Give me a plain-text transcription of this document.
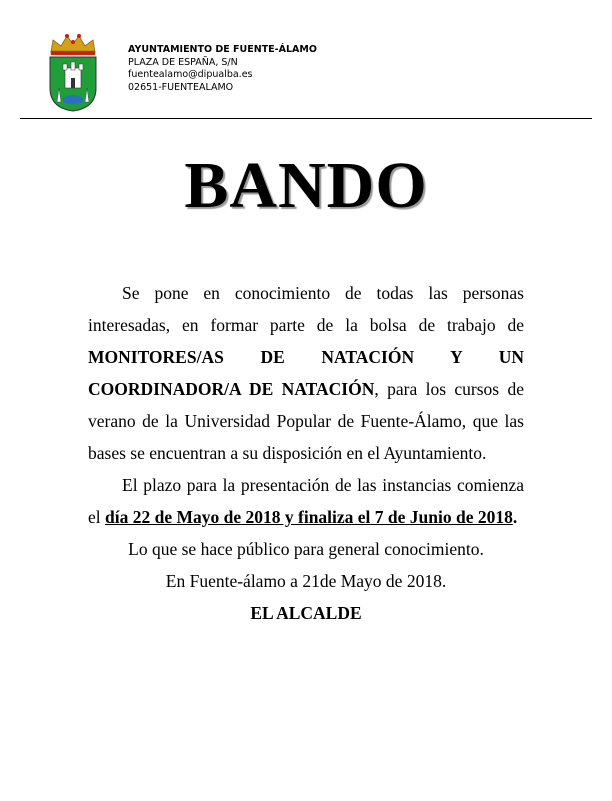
AYUNTAMIENTO DE FUENTE-ÁLAMO
PLAZA DE ESPAÑA, S/N
fuentealamo@dipualba.es
02651-FUENTEALAMO
BANDO

Se pone en conocimiento de todas las personas interesadas, en formar parte de la bolsa de trabajo de MONITORES/AS DE NATACIÓN Y UN COORDINADOR/A DE NATACIÓN, para los cursos de verano de la Universidad Popular de Fuente-Álamo, que las bases se encuentran a su disposición en el Ayuntamiento.

El plazo para la presentación de las instancias comienza el día 22 de Mayo de 2018 y finaliza el 7 de Junio de 2018.

Lo que se hace público para general conocimiento.

En Fuente-álamo a 21de Mayo de 2018.

EL ALCALDE
